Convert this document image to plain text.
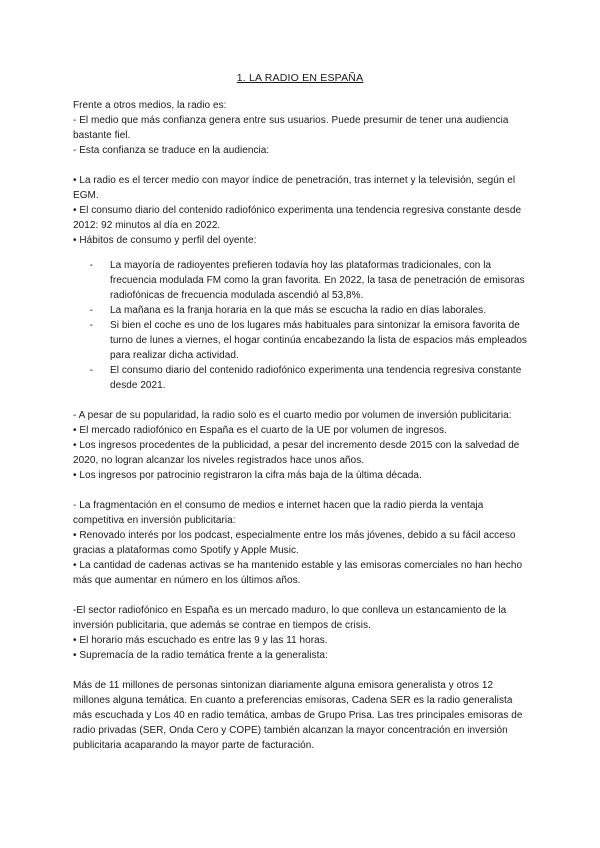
1. LA RADIO EN ESPAÑA

Frente a otros medios, la radio es:

- El medio que más confianza genera entre sus usuarios. Puede presumir de tener una audiencia bastante fiel.

- Esta confianza se traduce en la audiencia:

• La radio es el tercer medio con mayor índice de penetración, tras internet y la televisión, según el EGM.

• El consumo diario del contenido radiofónico experimenta una tendencia regresiva constante desde 2012: 92 minutos al día en 2022.

• Hábitos de consumo y perfil del oyente:

- La mayoría de radioyentes prefieren todavía hoy las plataformas tradicionales, con la frecuencia modulada FM como la gran favorita. En 2022, la tasa de penetración de emisoras radiofónicas de frecuencia modulada ascendió al 53,8%.
- La mañana es la franja horaria en la que más se escucha la radio en días laborales.
- Si bien el coche es uno de los lugares más habituales para sintonizar la emisora favorita de turno de lunes a viernes, el hogar continúa encabezando la lista de espacios más empleados para realizar dicha actividad.
- El consumo diario del contenido radiofónico experimenta una tendencia regresiva constante desde 2021.

- A pesar de su popularidad, la radio solo es el cuarto medio por volumen de inversión publicitaria:

• El mercado radiofónico en España es el cuarto de la UE por volumen de ingresos.

• Los ingresos procedentes de la publicidad, a pesar del incremento desde 2015 con la salvedad de 2020, no logran alcanzar los niveles registrados hace unos años.

• Los ingresos por patrocinio registraron la cifra más baja de la última década.

- La fragmentación en el consumo de medios e internet hacen que la radio pierda la ventaja competitiva en inversión publicitaria:

• Renovado interés por los podcast, especialmente entre los más jóvenes, debido a su fácil acceso gracias a plataformas como Spotify y Apple Music.

• La cantidad de cadenas activas se ha mantenido estable y las emisoras comerciales no han hecho más que aumentar en número en los últimos años.

-El sector radiofónico en España es un mercado maduro, lo que conlleva un estancamiento de la inversión publicitaria, que además se contrae en tiempos de crisis.

• El horario más escuchado es entre las 9 y las 11 horas.

• Supremacía de la radio temática frente a la generalista:

Más de 11 millones de personas sintonizan diariamente alguna emisora generalista y otros 12 millones alguna temática. En cuanto a preferencias emisoras, Cadena SER es la radio generalista más escuchada y Los 40 en radio temática, ambas de Grupo Prisa. Las tres principales emisoras de radio privadas (SER, Onda Cero y COPE) también alcanzan la mayor concentración en inversión publicitaria acaparando la mayor parte de facturación.
